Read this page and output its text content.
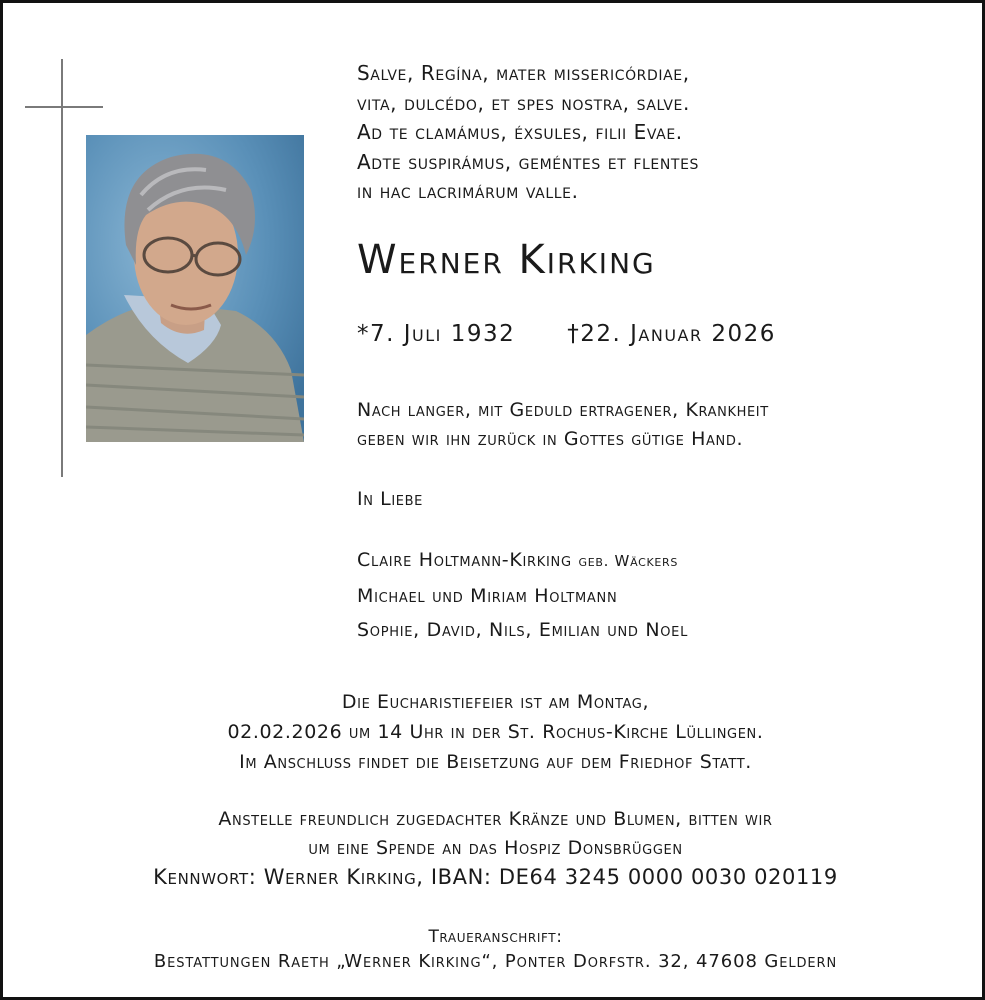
Salve, Regína, mater missericórdiae,
vita, dulcédo, et spes nostra, salve.
Ad te clamámus, éxsules, filii Evae.
Adte suspirámus, geméntes et flentes
in hac lacrimárum valle.
Werner Kirking
*7. Juli 1932 †22. Januar 2026
Nach langer, mit Geduld ertragener, Krankheit
geben wir ihn zurück in Gottes gütige Hand.
In Liebe
Claire Holtmann-Kirking geb. Wäckers
Michael und Miriam Holtmann
Sophie, David, Nils, Emilian und Noel
Die Eucharistiefeier ist am Montag,
02.02.2026 um 14 Uhr in der St. Rochus-Kirche Lüllingen.
Im Anschluss findet die Beisetzung auf dem Friedhof Statt.
Anstelle freundlich zugedachter Kränze und Blumen, bitten wir
um eine Spende an das Hospiz Donsbrüggen
Kennwort: Werner Kirking, IBAN: DE64 3245 0000 0030 020119
Traueranschrift:
Bestattungen Raeth „Werner Kirking“, Ponter Dorfstr. 32, 47608 Geldern
